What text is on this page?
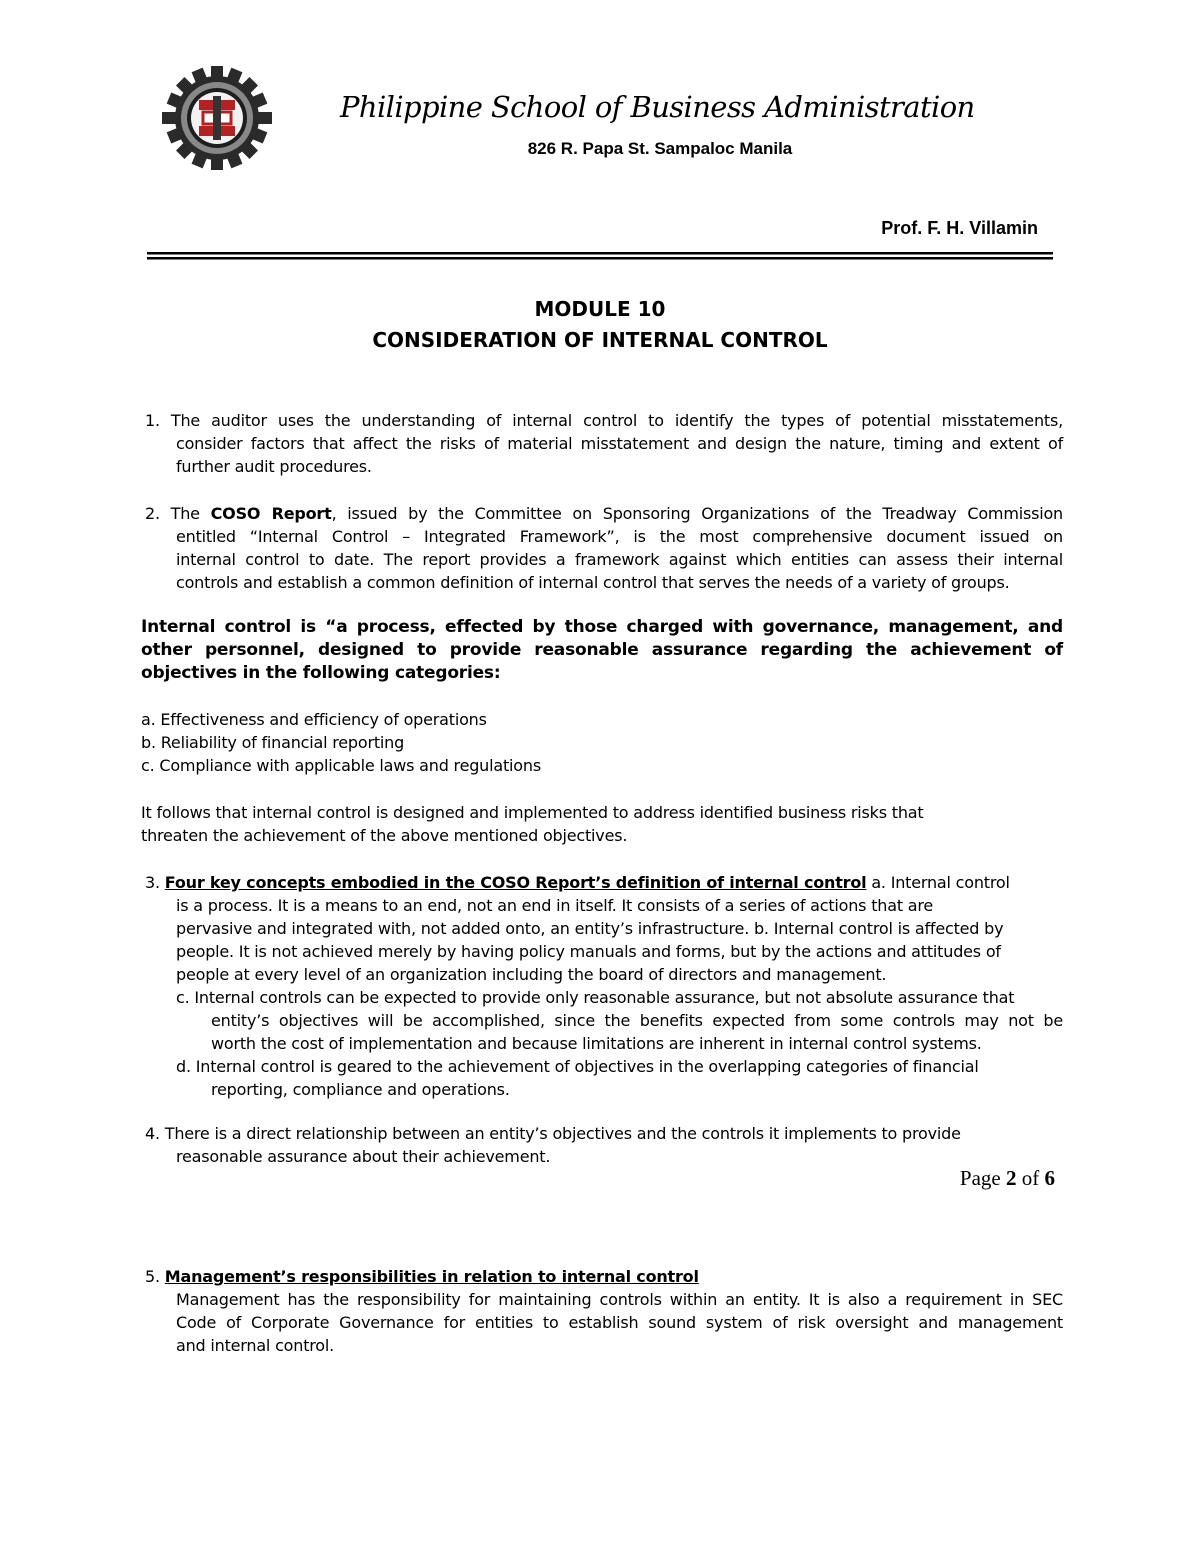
Philippine School of Business Administration
826 R. Papa St. Sampaloc Manila
Prof. F. H. Villamin
MODULE 10
CONSIDERATION OF INTERNAL CONTROL
1. The auditor uses the understanding of internal control to identify the types of potential misstatements,
consider factors that affect the risks of material misstatement and design the nature, timing and extent of
further audit procedures.
2. The COSO Report, issued by the Committee on Sponsoring Organizations of the Treadway Commission
entitled “Internal Control – Integrated Framework”, is the most comprehensive document issued on
internal control to date. The report provides a framework against which entities can assess their internal
controls and establish a common definition of internal control that serves the needs of a variety of groups.
Internal control is “a process, effected by those charged with governance, management, and
other personnel, designed to provide reasonable assurance regarding the achievement of
objectives in the following categories:
a. Effectiveness and efficiency of operations
b. Reliability of financial reporting
c. Compliance with applicable laws and regulations
It follows that internal control is designed and implemented to address identified business risks that
threaten the achievement of the above mentioned objectives.
3. Four key concepts embodied in the COSO Report’s definition of internal control a. Internal control
is a process. It is a means to an end, not an end in itself. It consists of a series of actions that are
pervasive and integrated with, not added onto, an entity’s infrastructure. b. Internal control is affected by
people. It is not achieved merely by having policy manuals and forms, but by the actions and attitudes of
people at every level of an organization including the board of directors and management.
c. Internal controls can be expected to provide only reasonable assurance, but not absolute assurance that
entity’s objectives will be accomplished, since the benefits expected from some controls may not be
worth the cost of implementation and because limitations are inherent in internal control systems.
d. Internal control is geared to the achievement of objectives in the overlapping categories of financial
reporting, compliance and operations.
4. There is a direct relationship between an entity’s objectives and the controls it implements to provide
reasonable assurance about their achievement.
Page 2 of 6
5. Management’s responsibilities in relation to internal control
Management has the responsibility for maintaining controls within an entity. It is also a requirement in SEC
Code of Corporate Governance for entities to establish sound system of risk oversight and management
and internal control.
